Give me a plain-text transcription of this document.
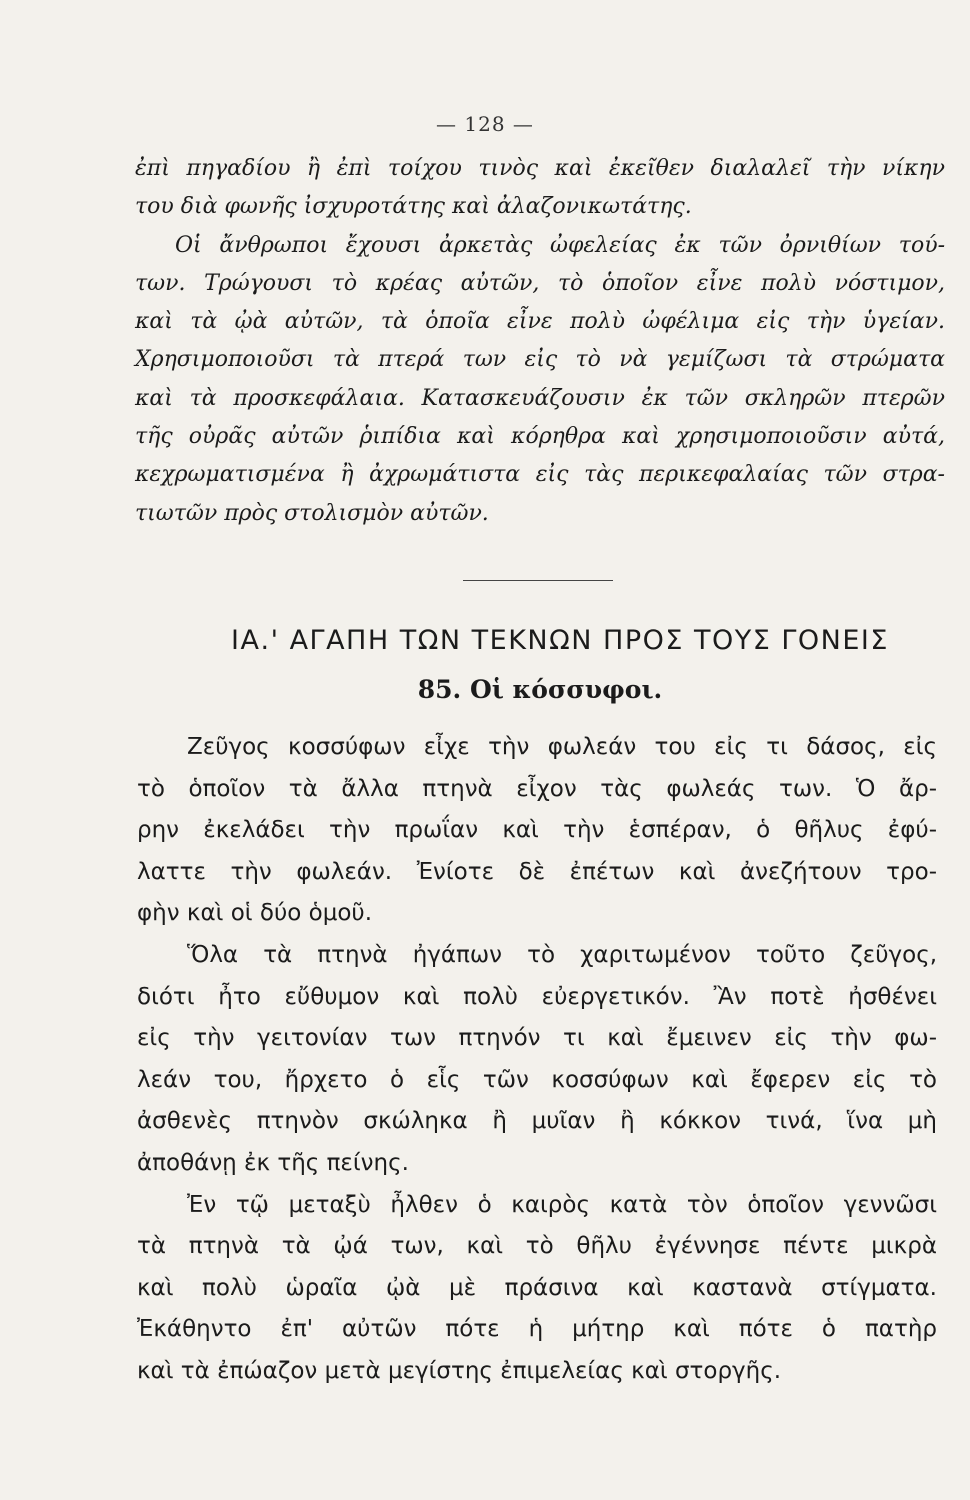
— 128 —
ἐπὶ πηγαδίου ἢ ἐπὶ τοίχου τινὸς καὶ ἐκεῖθεν διαλαλεῖ τὴν νίκην
του διὰ φωνῆς ἰσχυροτάτης καὶ ἀλαζονικωτάτης.
Οἱ ἄνθρωποι ἔχουσι ἀρκετὰς ὠφελείας ἐκ τῶν ὀρνιθίων τού-
των. Τρώγουσι τὸ κρέας αὐτῶν, τὸ ὁποῖον εἶνε πολὺ νόστιμον,
καὶ τὰ ᾠὰ αὐτῶν, τὰ ὁποῖα εἶνε πολὺ ὠφέλιμα εἰς τὴν ὑγείαν.
Χρησιμοποιοῦσι τὰ πτερά των εἰς τὸ νὰ γεμίζωσι τὰ στρώματα
καὶ τὰ προσκεφάλαια. Κατασκευάζουσιν ἐκ τῶν σκληρῶν πτερῶν
τῆς οὐρᾶς αὐτῶν ῥιπίδια καὶ κόρηθρα καὶ χρησιμοποιοῦσιν αὐτά,
κεχρωματισμένα ἢ ἀχρωμάτιστα εἰς τὰς περικεφαλαίας τῶν στρα-
τιωτῶν πρὸς στολισμὸν αὐτῶν.
ΙΑ.' ΑΓΑΠΗ ΤΩΝ ΤΕΚΝΩΝ ΠΡΟΣ ΤΟΥΣ ΓΟΝΕΙΣ
85. Οἱ κόσσυφοι.
Ζεῦγος κοσσύφων εἶχε τὴν φωλεάν του εἰς τι δάσος, εἰς
τὸ ὁποῖον τὰ ἄλλα πτηνὰ εἶχον τὰς φωλεάς των. Ὁ ἄρ-
ρην ἐκελάδει τὴν πρωΐαν καὶ τὴν ἑσπέραν, ὁ θῆλυς ἐφύ-
λαττε τὴν φωλεάν. Ἐνίοτε δὲ ἐπέτων καὶ ἀνεζήτουν τρο-
φὴν καὶ οἱ δύο ὁμοῦ.
Ὅλα τὰ πτηνὰ ἠγάπων τὸ χαριτωμένον τοῦτο ζεῦγος,
διότι ἦτο εὔθυμον καὶ πολὺ εὐεργετικόν. Ἂν ποτὲ ἠσθένει
εἰς τὴν γειτονίαν των πτηνόν τι καὶ ἔμεινεν εἰς τὴν φω-
λεάν του, ἤρχετο ὁ εἷς τῶν κοσσύφων καὶ ἔφερεν εἰς τὸ
ἀσθενὲς πτηνὸν σκώληκα ἢ μυῖαν ἢ κόκκον τινά, ἵνα μὴ
ἀποθάνῃ ἐκ τῆς πείνης.
Ἐν τῷ μεταξὺ ἦλθεν ὁ καιρὸς κατὰ τὸν ὁποῖον γεννῶσι
τὰ πτηνὰ τὰ ᾠά των, καὶ τὸ θῆλυ ἐγέννησε πέντε μικρὰ
καὶ πολὺ ὡραῖα ᾠὰ μὲ πράσινα καὶ καστανὰ στίγματα.
Ἐκάθηντο ἐπ' αὐτῶν πότε ἡ μήτηρ καὶ πότε ὁ πατὴρ
καὶ τὰ ἐπώαζον μετὰ μεγίστης ἐπιμελείας καὶ στοργῆς.
